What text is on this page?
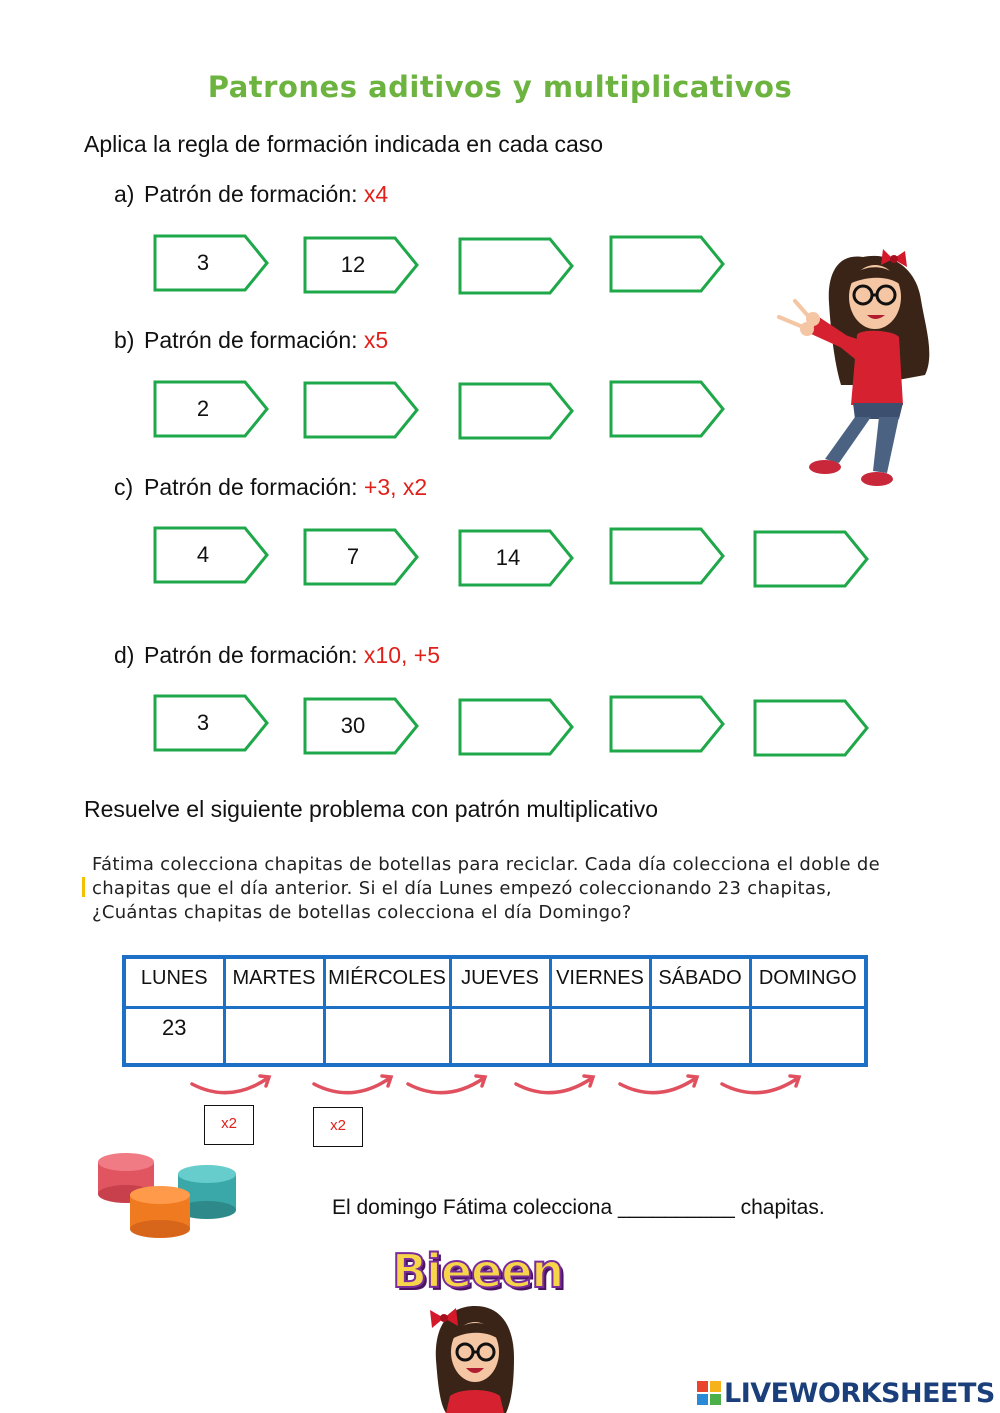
Patrones aditivos y multiplicativos
Aplica la regla de formación indicada en cada caso
a) Patrón de formación: x4
3	12
b) Patrón de formación: x5
2
c) Patrón de formación: +3, x2
4	7	14
d) Patrón de formación: x10, +5
3	30
Resuelve el siguiente problema con patrón multiplicativo
Fátima colecciona chapitas de botellas para reciclar. Cada día colecciona el doble de chapitas que el día anterior. Si el día Lunes empezó coleccionando 23 chapitas, ¿Cuántas chapitas de botellas colecciona el día Domingo?
LUNES	MARTES	MIÉRCOLES	JUEVES	VIERNES	SÁBADO	DOMINGO

23

x2	x2
El domingo Fátima colecciona __________ chapitas.
Bieeen
LIVEWORKSHEETS
